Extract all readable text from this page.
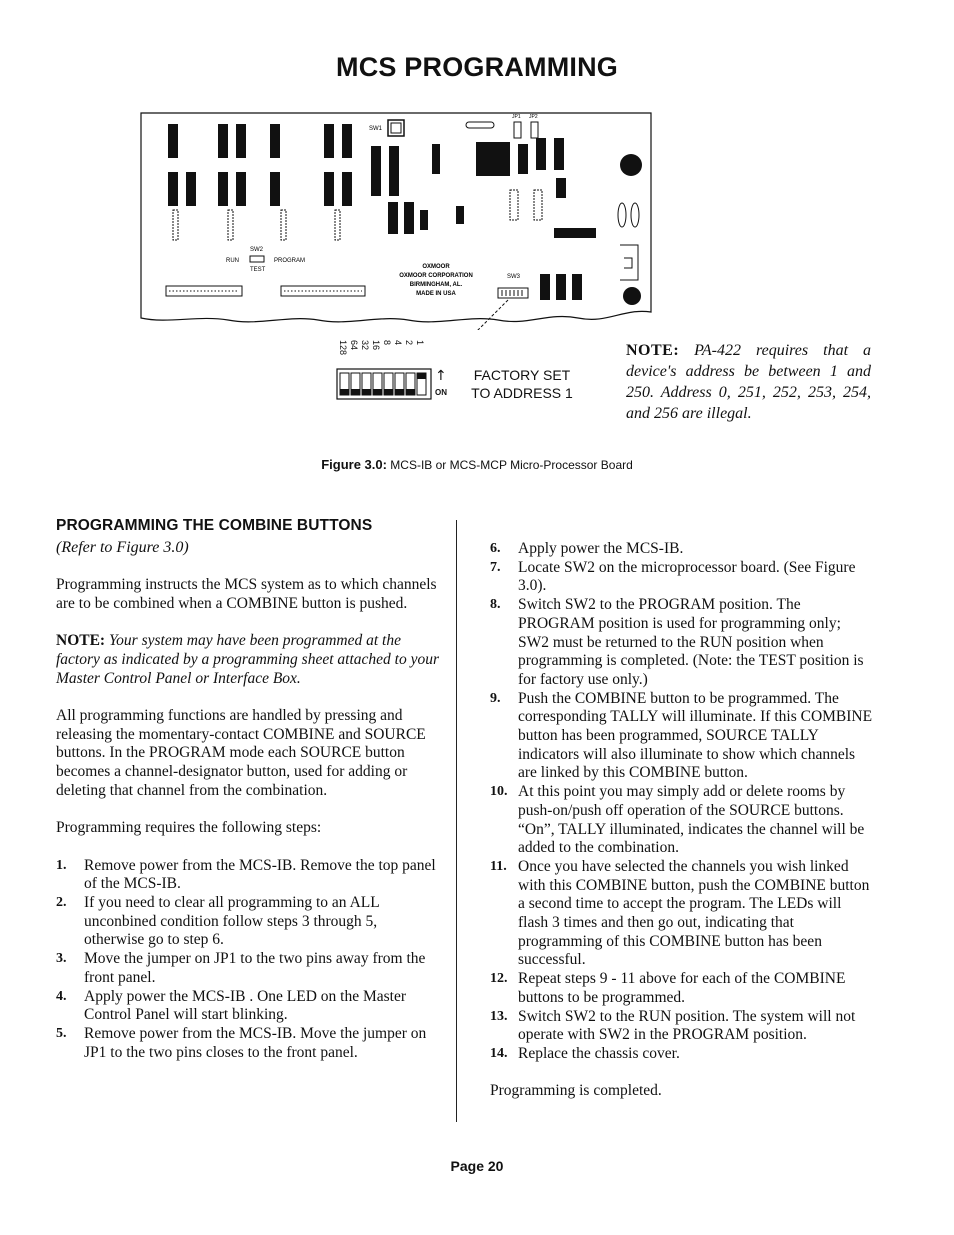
MCS PROGRAMMING
SW1
JP1 JP2
SW3
SW2
RUN	PROGRAM
TEST	OXMOOR
OXMOOR CORPORATION
BIRMINGHAM, AL.
MADE IN USA
128 64 32 16 8 4 2 1
↑
ON
FACTORY SET TO ADDRESS 1
NOTE: PA-422 requires that a device's address be between 1 and 250. Address 0, 251, 252, 253, 254, and 256 are illegal.
Figure 3.0: MCS-IB or MCS-MCP Micro-Processor Board
PROGRAMMING THE COMBINE BUTTONS
(Refer to Figure 3.0)

Programming instructs the MCS system as to which channels are to be combined when a COMBINE button is pushed.

NOTE: Your system may have been programmed at the factory as indicated by a programming sheet attached to your Master Control Panel or Interface Box.

All programming functions are handled by pressing and releasing the momentary-contact COMBINE and SOURCE buttons. In the PROGRAM mode each SOURCE button becomes a channel-designator button, used for adding or deleting that channel from the combination.

Programming requires the following steps:

1. Remove power from the MCS-IB. Remove the top panel of the MCS-IB.
2. If you need to clear all programming to an ALL unconbined condition follow steps 3 through 5, otherwise go to step 6.
3. Move the jumper on JP1 to the two pins away from the front panel.
4. Apply power the MCS-IB . One LED on the Master Control Panel will start blinking.
5. Remove power from the MCS-IB. Move the jumper on JP1 to the two pins closes to the front panel.
6. Apply power the MCS-IB.
7. Locate SW2 on the microprocessor board. (See Figure 3.0).
8. Switch SW2 to the PROGRAM position. The PROGRAM position is used for programming only; SW2 must be returned to the RUN position when programming is completed. (Note: the TEST position is for factory use only.)
9. Push the COMBINE button to be programmed. The corresponding TALLY will illuminate. If this COMBINE button has been programmed, SOURCE TALLY indicators will also illuminate to show which channels are linked by this COMBINE button.
10. At this point you may simply add or delete rooms by push-on/push off operation of the SOURCE buttons. “On”, TALLY illuminated, indicates the channel will be added to the combination.
11. Once you have selected the channels you wish linked with this COMBINE button, push the COMBINE button a second time to accept the program. The LEDs will flash 3 times and then go out, indicating that programming of this COMBINE button has been successful.
12. Repeat steps 9 - 11 above for each of the COMBINE buttons to be programmed.
13. Switch SW2 to the RUN position. The system will not operate with SW2 in the PROGRAM position.
14. Replace the chassis cover.

Programming is completed.

Page 20
